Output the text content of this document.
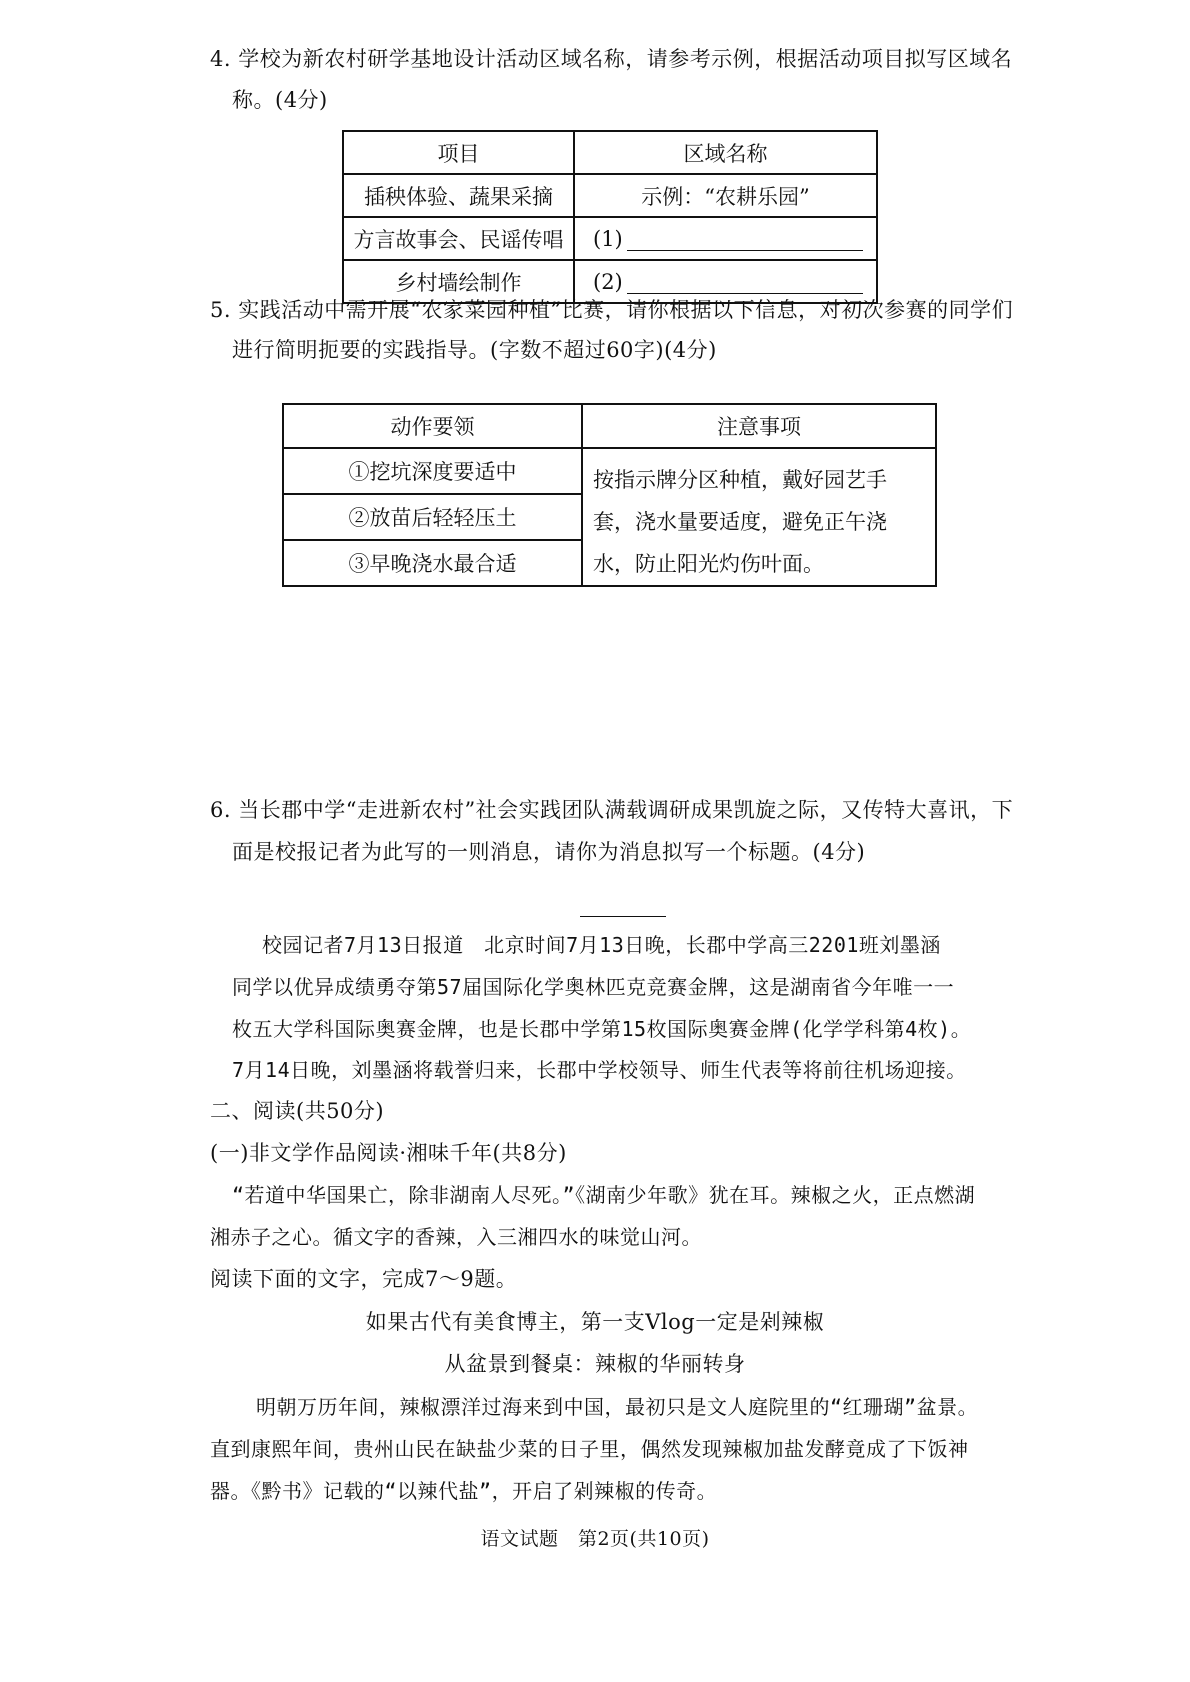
4. 学校为新农村研学基地设计活动区域名称，请参考示例，根据活动项目拟写区域名
称。(4分)
项目	区域名称
插秧体验、蔬果采摘	示例：“农耕乐园”
方言故事会、民谣传唱	(1)
乡村墙绘制作	(2)
5. 实践活动中需开展“农家菜园种植”比赛，请你根据以下信息，对初次参赛的同学们
进行简明扼要的实践指导。(字数不超过60字)(4分)
动作要领	注意事项
①挖坑深度要适中	按指示牌分区种植，戴好园艺手套，浇水量要适度，避免正午浇水，防止阳光灼伤叶面。
②放苗后轻轻压土	
③早晚浇水最合适	
6. 当长郡中学“走进新农村”社会实践团队满载调研成果凯旋之际，又传特大喜讯，下
面是校报记者为此写的一则消息，请你为消息拟写一个标题。(4分)
校园记者7月13日报道　北京时间7月13日晚，长郡中学高三2201班刘墨涵
同学以优异成绩勇夺第57届国际化学奥林匹克竞赛金牌，这是湖南省今年唯一一
枚五大学科国际奥赛金牌，也是长郡中学第15枚国际奥赛金牌(化学学科第4枚)。
7月14日晚，刘墨涵将载誉归来，长郡中学校领导、师生代表等将前往机场迎接。
二、阅读(共50分)
(一)非文学作品阅读·湘味千年(共8分)
“若道中华国果亡，除非湖南人尽死。”《湖南少年歌》犹在耳。辣椒之火，正点燃湖
湘赤子之心。循文字的香辣，入三湘四水的味觉山河。
阅读下面的文字，完成7～9题。
如果古代有美食博主，第一支Vlog一定是剁辣椒
从盆景到餐桌：辣椒的华丽转身
明朝万历年间，辣椒漂洋过海来到中国，最初只是文人庭院里的“红珊瑚”盆景。
直到康熙年间，贵州山民在缺盐少菜的日子里，偶然发现辣椒加盐发酵竟成了下饭神
器。《黔书》记载的“以辣代盐”，开启了剁辣椒的传奇。
语文试题　第2页(共10页)
